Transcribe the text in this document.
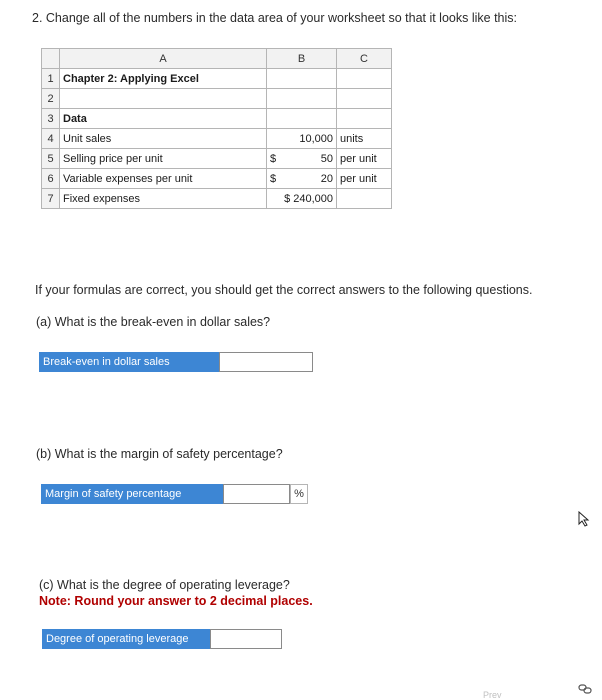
2. Change all of the numbers in the data area of your worksheet so that it looks like this:
	A	B	C
1	Chapter 2: Applying Excel		
2			
3	Data		
4	Unit sales	10,000	units
5	Selling price per unit	$ 50	per unit
6	Variable expenses per unit	$ 20	per unit
7	Fixed expenses	$ 240,000	
If your formulas are correct, you should get the correct answers to the following questions.
(a) What is the break-even in dollar sales?
Break-even in dollar sales
(b) What is the margin of safety percentage?
Margin of safety percentage	%
(c) What is the degree of operating leverage?
Note: Round your answer to 2 decimal places.
Degree of operating leverage
Prev
